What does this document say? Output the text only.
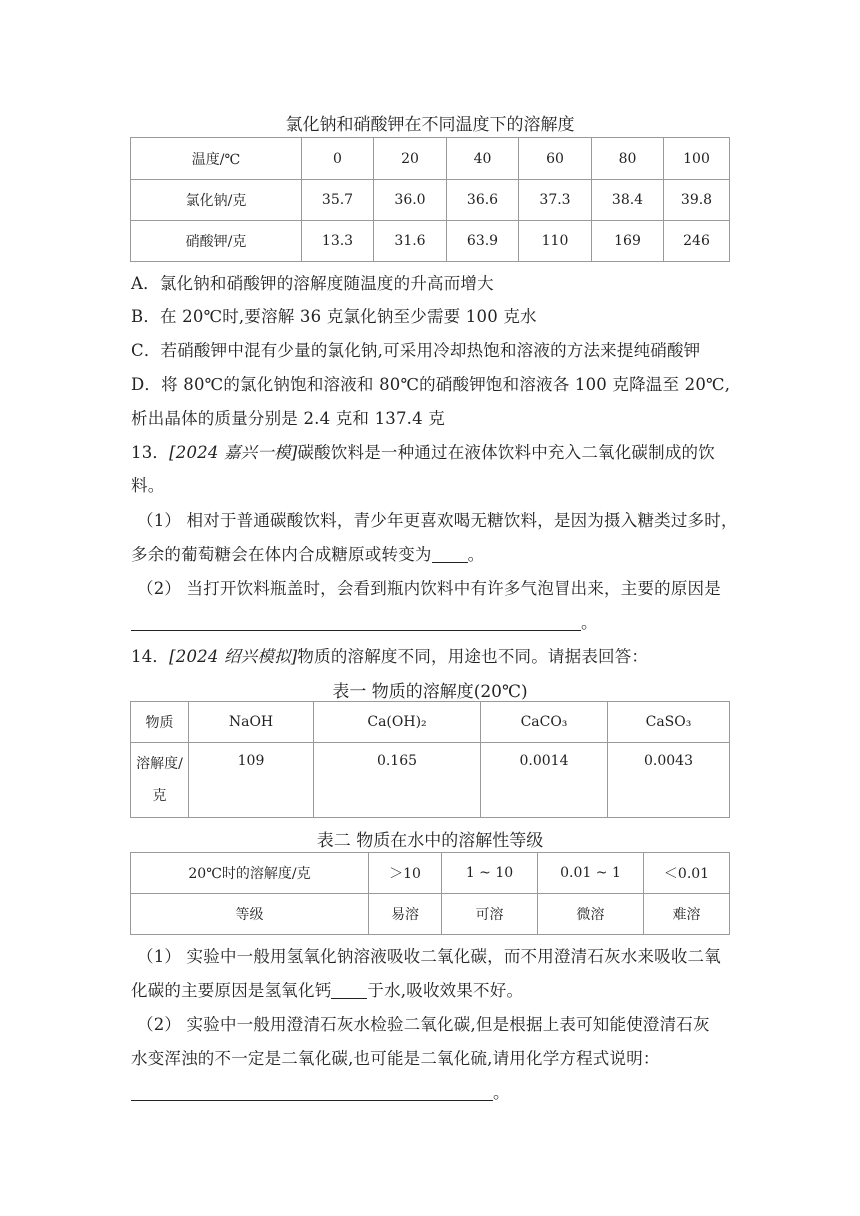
氯化钠和硝酸钾在不同温度下的溶解度
温度/℃	0	20	40	60	80	100
氯化钠/克	35.7	36.0	36.6	37.3	38.4	39.8
硝酸钾/克	13.3	31.6	63.9	110	169	246
A．氯化钠和硝酸钾的溶解度随温度的升高而增大
B．在 20℃时,要溶解 36 克氯化钠至少需要 100 克水
C．若硝酸钾中混有少量的氯化钠,可采用冷却热饱和溶液的方法来提纯硝酸钾
D．将 80℃的氯化钠饱和溶液和 80℃的硝酸钾饱和溶液各 100 克降温至 20℃,
析出晶体的质量分别是 2.4 克和 137.4 克
13．[2024 嘉兴一模]碳酸饮料是一种通过在液体饮料中充入二氧化碳制成的饮
料。
（1） 相对于普通碳酸饮料，青少年更喜欢喝无糖饮料，是因为摄入糖类过多时，
多余的葡萄糖会在体内合成糖原或转变为 。
（2） 当打开饮料瓶盖时，会看到瓶内饮料中有许多气泡冒出来，主要的原因是
。
14．[2024 绍兴模拟]物质的溶解度不同，用途也不同。请据表回答：
表一 物质的溶解度(20℃)
物质	NaOH	Ca(OH)₂	CaCO₃	CaSO₃

溶解度/
克	109	0.165	0.0014	0.0043
表二 物质在水中的溶解性等级
20℃时的溶解度/克	＞10	1 ~ 10	0.01 ~ 1	＜0.01
等级	易溶	可溶	微溶	难溶
（1） 实验中一般用氢氧化钠溶液吸收二氧化碳，而不用澄清石灰水来吸收二氧
化碳的主要原因是氢氧化钙 于水,吸收效果不好。
（2） 实验中一般用澄清石灰水检验二氧化碳,但是根据上表可知能使澄清石灰
水变浑浊的不一定是二氧化碳,也可能是二氧化硫,请用化学方程式说明：
。
